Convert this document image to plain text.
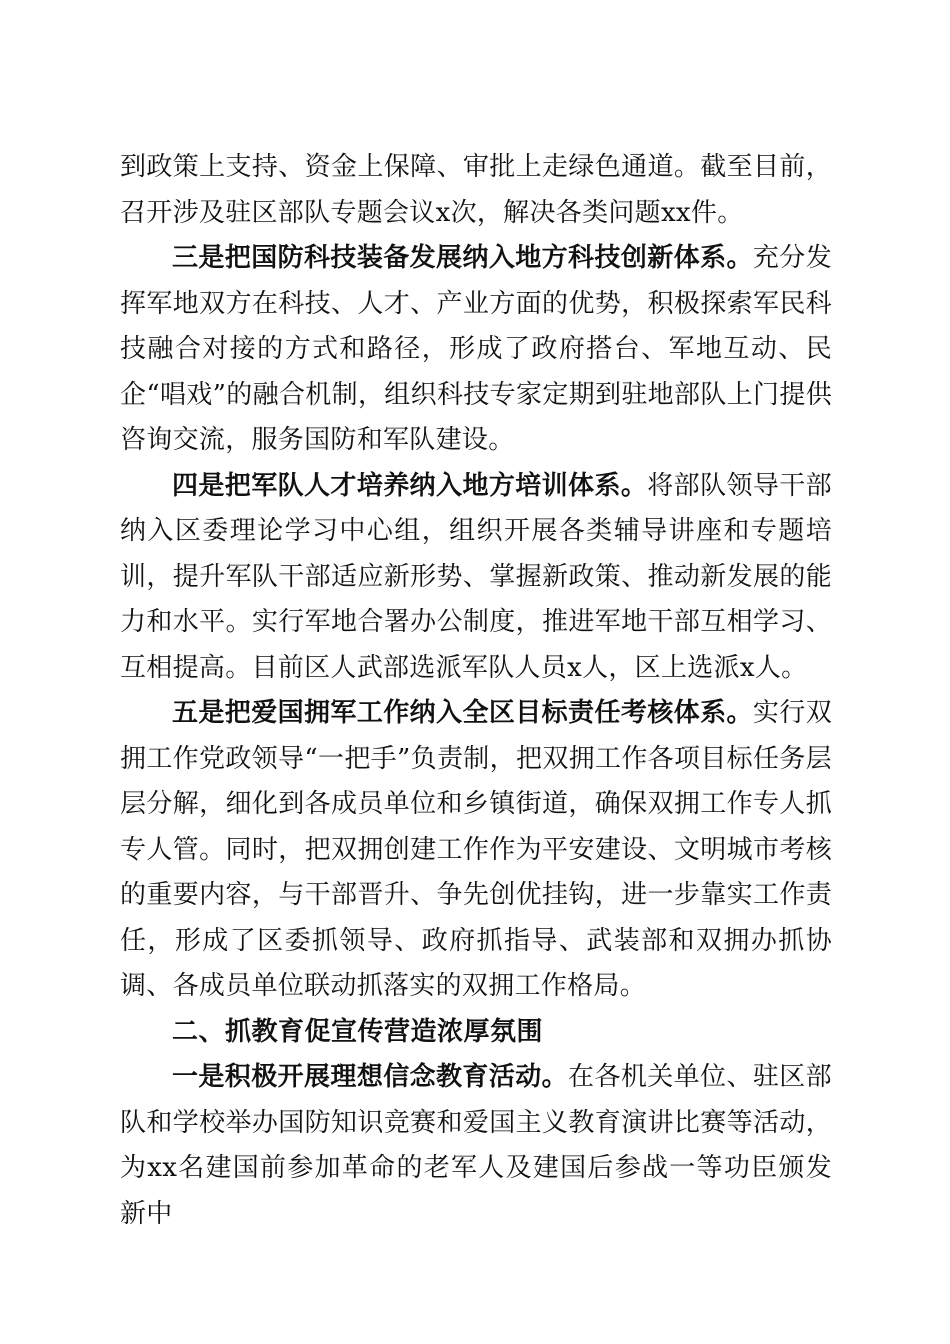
到政策上支持、资金上保障、审批上走绿色通道。截至目前，召开涉及驻区部队专题会议x次，解决各类问题xx件。

三是把国防科技装备发展纳入地方科技创新体系。充分发挥军地双方在科技、人才、产业方面的优势，积极探索军民科技融合对接的方式和路径，形成了政府搭台、军地互动、民企“唱戏”的融合机制，组织科技专家定期到驻地部队上门提供咨询交流，服务国防和军队建设。

四是把军队人才培养纳入地方培训体系。将部队领导干部纳入区委理论学习中心组，组织开展各类辅导讲座和专题培训，提升军队干部适应新形势、掌握新政策、推动新发展的能力和水平。实行军地合署办公制度，推进军地干部互相学习、互相提高。目前区人武部选派军队人员x人，区上选派x人。

五是把爱国拥军工作纳入全区目标责任考核体系。实行双拥工作党政领导“一把手”负责制，把双拥工作各项目标任务层层分解，细化到各成员单位和乡镇街道，确保双拥工作专人抓专人管。同时，把双拥创建工作作为平安建设、文明城市考核的重要内容，与干部晋升、争先创优挂钩，进一步靠实工作责任，形成了区委抓领导、政府抓指导、武装部和双拥办抓协调、各成员单位联动抓落实的双拥工作格局。

二、抓教育促宣传营造浓厚氛围

一是积极开展理想信念教育活动。在各机关单位、驻区部队和学校举办国防知识竞赛和爱国主义教育演讲比赛等活动，为xx名建国前参加革命的老军人及建国后参战一等功臣颁发新中
